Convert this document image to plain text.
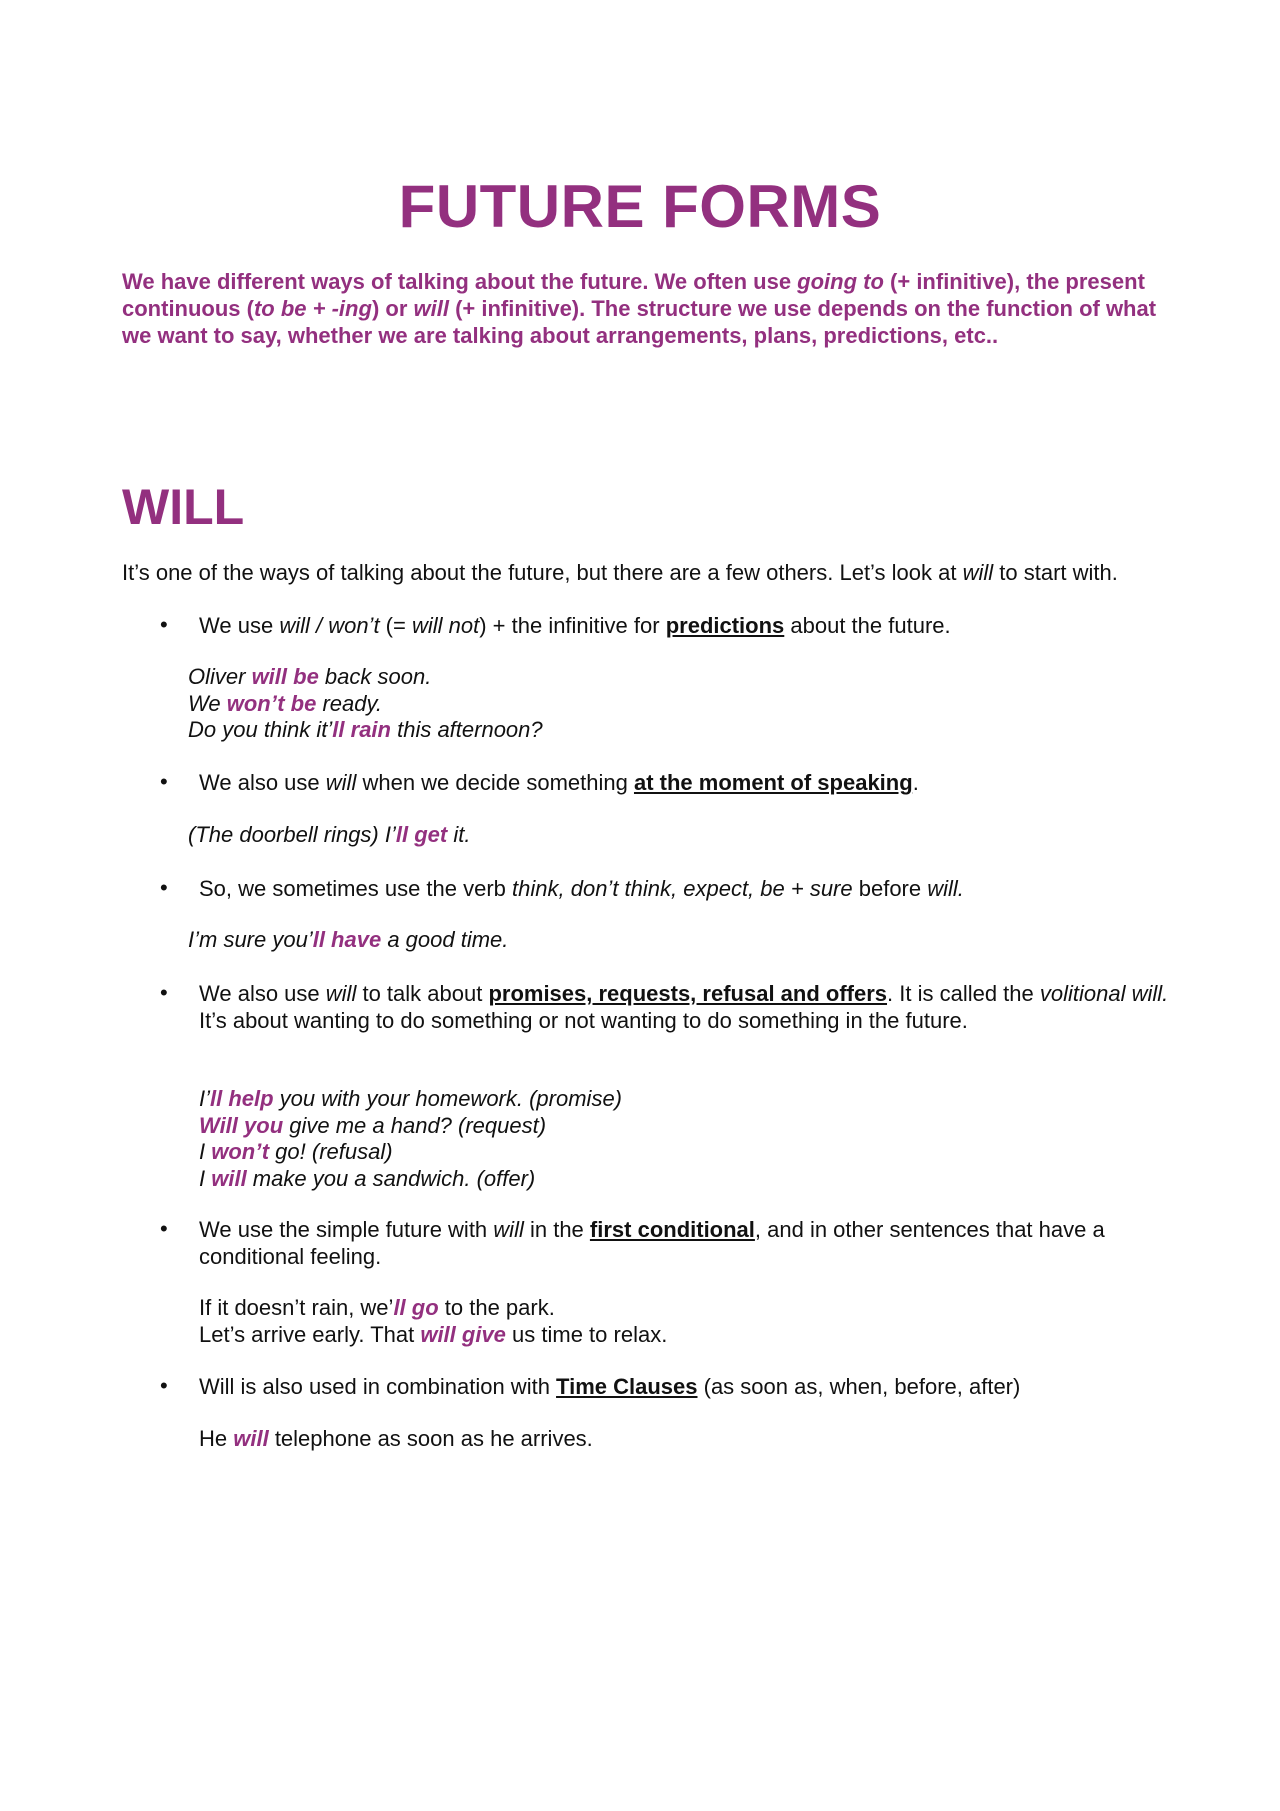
FUTURE FORMS
We have different ways of talking about the future. We often use going to (+ infinitive), the present continuous (to be + -ing) or will (+ infinitive). The structure we use depends on the function of what we want to say, whether we are talking about arrangements, plans, predictions, etc..
WILL
It’s one of the ways of talking about the future, but there are a few others. Let’s look at will to start with.
• We use will / won’t (= will not) + the infinitive for predictions about the future.
Oliver will be back soon.
We won’t be ready.
Do you think it’ll rain this afternoon?
• We also use will when we decide something at the moment of speaking.
(The doorbell rings) I’ll get it.
• So, we sometimes use the verb think, don’t think, expect, be + sure before will.
I’m sure you’ll have a good time.
• We also use will to talk about promises, requests, refusal and offers. It is called the volitional will. It’s about wanting to do something or not wanting to do something in the future.
I’ll help you with your homework. (promise)
Will you give me a hand? (request)
I won’t go! (refusal)
I will make you a sandwich. (offer)
• We use the simple future with will in the first conditional, and in other sentences that have a conditional feeling.
If it doesn’t rain, we’ll go to the park.
Let’s arrive early. That will give us time to relax.
• Will is also used in combination with Time Clauses (as soon as, when, before, after)
He will telephone as soon as he arrives.
